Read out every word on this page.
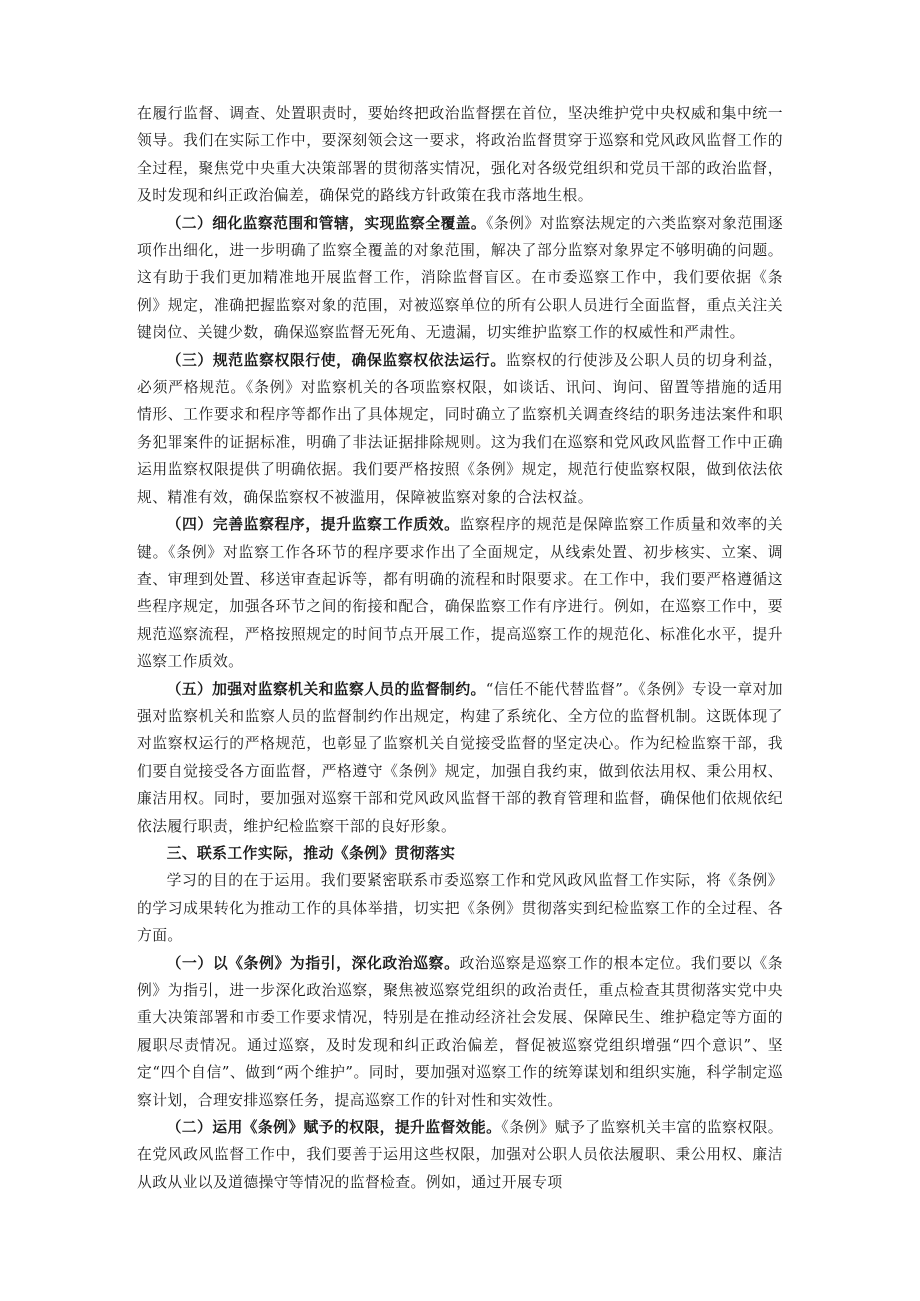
在履行监督、调查、处置职责时，要始终把政治监督摆在首位，坚决维护党中央权威和集中统一领导。我们在实际工作中，要深刻领会这一要求，将政治监督贯穿于巡察和党风政风监督工作的全过程，聚焦党中央重大决策部署的贯彻落实情况，强化对各级党组织和党员干部的政治监督，及时发现和纠正政治偏差，确保党的路线方针政策在我市落地生根。

（二）细化监察范围和管辖，实现监察全覆盖。《条例》对监察法规定的六类监察对象范围逐项作出细化，进一步明确了监察全覆盖的对象范围，解决了部分监察对象界定不够明确的问题。这有助于我们更加精准地开展监督工作，消除监督盲区。在市委巡察工作中，我们要依据《条例》规定，准确把握监察对象的范围，对被巡察单位的所有公职人员进行全面监督，重点关注关键岗位、关键少数，确保巡察监督无死角、无遗漏，切实维护监察工作的权威性和严肃性。

（三）规范监察权限行使，确保监察权依法运行。监察权的行使涉及公职人员的切身利益，必须严格规范。《条例》对监察机关的各项监察权限，如谈话、讯问、询问、留置等措施的适用情形、工作要求和程序等都作出了具体规定，同时确立了监察机关调查终结的职务违法案件和职务犯罪案件的证据标准，明确了非法证据排除规则。这为我们在巡察和党风政风监督工作中正确运用监察权限提供了明确依据。我们要严格按照《条例》规定，规范行使监察权限，做到依法依规、精准有效，确保监察权不被滥用，保障被监察对象的合法权益。

（四）完善监察程序，提升监察工作质效。监察程序的规范是保障监察工作质量和效率的关键。《条例》对监察工作各环节的程序要求作出了全面规定，从线索处置、初步核实、立案、调查、审理到处置、移送审查起诉等，都有明确的流程和时限要求。在工作中，我们要严格遵循这些程序规定，加强各环节之间的衔接和配合，确保监察工作有序进行。例如，在巡察工作中，要规范巡察流程，严格按照规定的时间节点开展工作，提高巡察工作的规范化、标准化水平，提升巡察工作质效。

（五）加强对监察机关和监察人员的监督制约。“信任不能代替监督”。《条例》专设一章对加强对监察机关和监察人员的监督制约作出规定，构建了系统化、全方位的监督机制。这既体现了对监察权运行的严格规范，也彰显了监察机关自觉接受监督的坚定决心。作为纪检监察干部，我们要自觉接受各方面监督，严格遵守《条例》规定，加强自我约束，做到依法用权、秉公用权、廉洁用权。同时，要加强对巡察干部和党风政风监督干部的教育管理和监督，确保他们依规依纪依法履行职责，维护纪检监察干部的良好形象。

三、联系工作实际，推动《条例》贯彻落实

学习的目的在于运用。我们要紧密联系市委巡察工作和党风政风监督工作实际，将《条例》的学习成果转化为推动工作的具体举措，切实把《条例》贯彻落实到纪检监察工作的全过程、各方面。

（一）以《条例》为指引，深化政治巡察。政治巡察是巡察工作的根本定位。我们要以《条例》为指引，进一步深化政治巡察，聚焦被巡察党组织的政治责任，重点检查其贯彻落实党中央重大决策部署和市委工作要求情况，特别是在推动经济社会发展、保障民生、维护稳定等方面的履职尽责情况。通过巡察，及时发现和纠正政治偏差，督促被巡察党组织增强“四个意识”、坚定“四个自信”、做到“两个维护”。同时，要加强对巡察工作的统筹谋划和组织实施，科学制定巡察计划，合理安排巡察任务，提高巡察工作的针对性和实效性。

（二）运用《条例》赋予的权限，提升监督效能。《条例》赋予了监察机关丰富的监察权限。在党风政风监督工作中，我们要善于运用这些权限，加强对公职人员依法履职、秉公用权、廉洁从政从业以及道德操守等情况的监督检查。例如，通过开展专项
